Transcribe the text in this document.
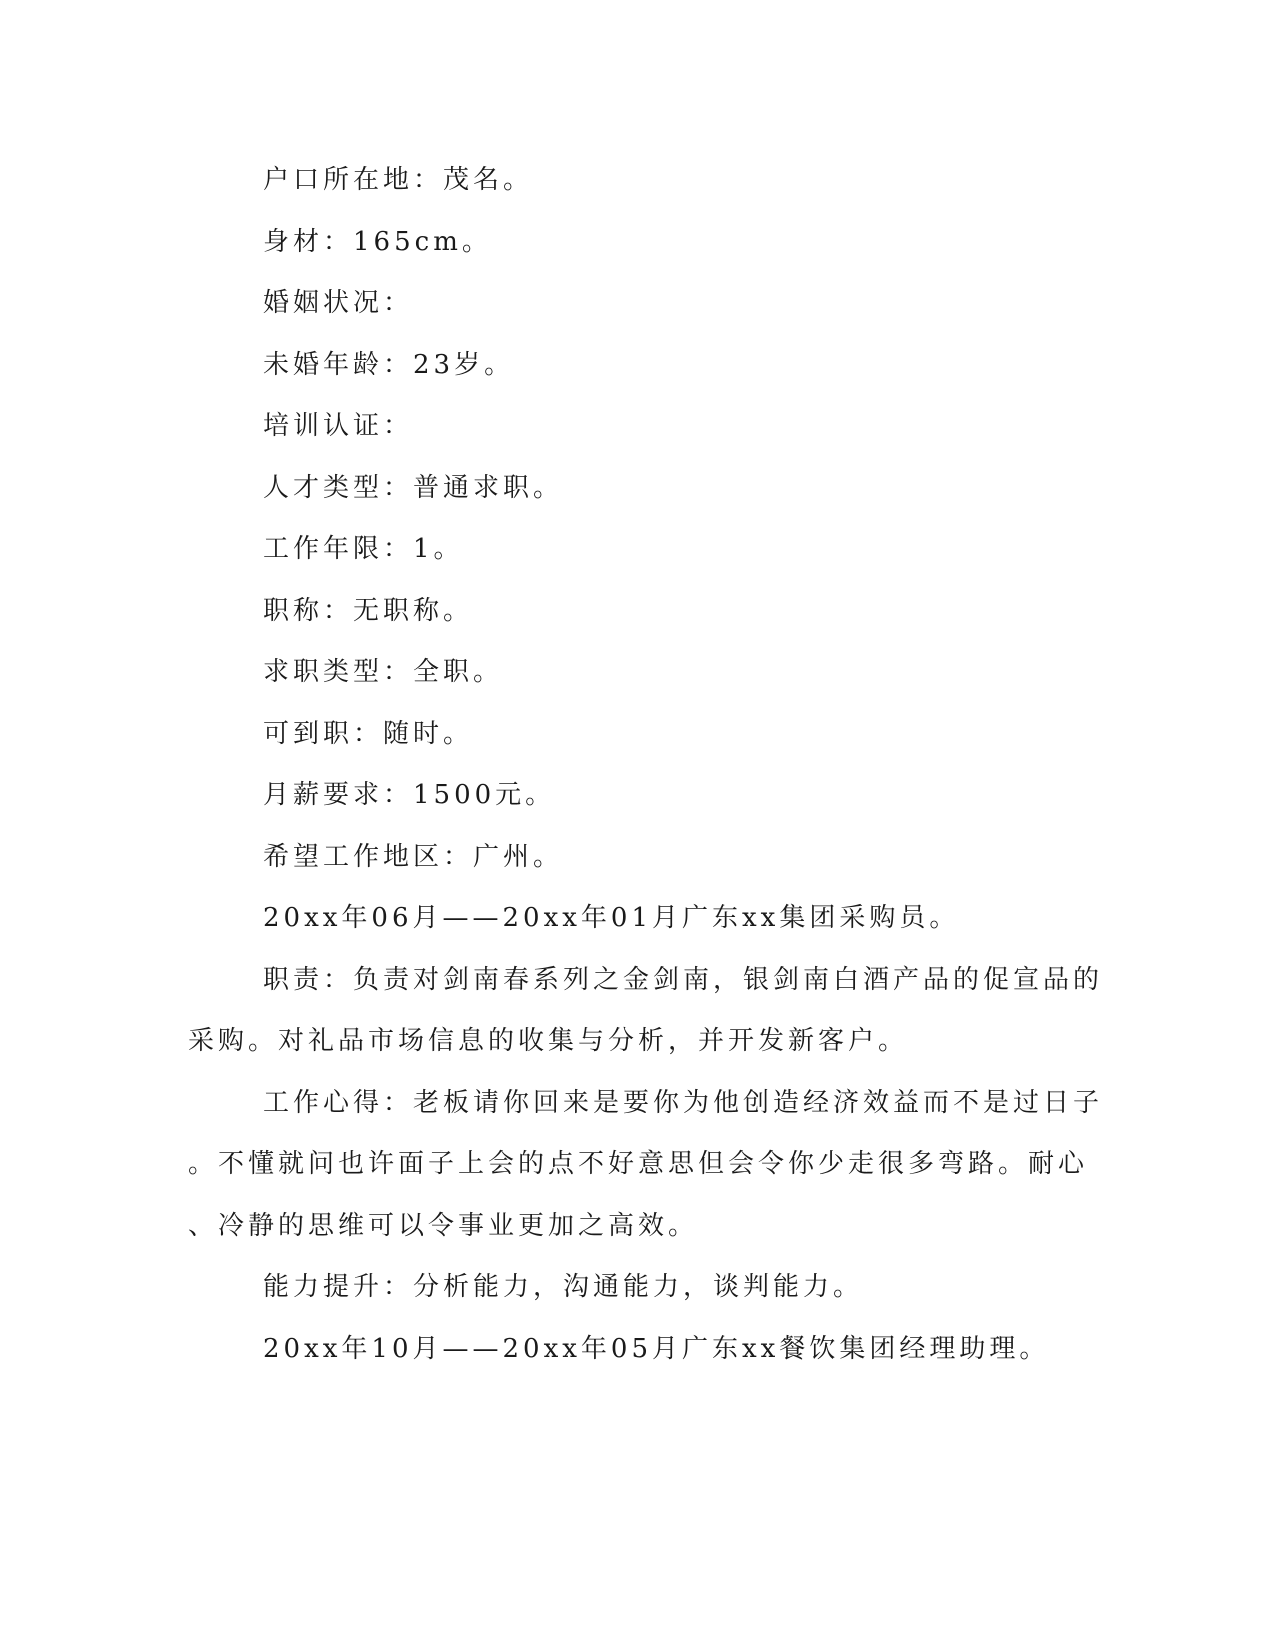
户口所在地：茂名。

身材：165cm。

婚姻状况：

未婚年龄：23岁。

培训认证：

人才类型：普通求职。

工作年限：1。

职称：无职称。

求职类型：全职。

可到职：随时。

月薪要求：1500元。

希望工作地区：广州。

20xx年06月——20xx年01月广东xx集团采购员。

职责：负责对剑南春系列之金剑南，银剑南白酒产品的促宣品的
采购。对礼品市场信息的收集与分析，并开发新客户。

工作心得：老板请你回来是要你为他创造经济效益而不是过日子
。不懂就问也许面子上会的点不好意思但会令你少走很多弯路。耐心
、冷静的思维可以令事业更加之高效。

能力提升：分析能力，沟通能力，谈判能力。

20xx年10月——20xx年05月广东xx餐饮集团经理助理。
